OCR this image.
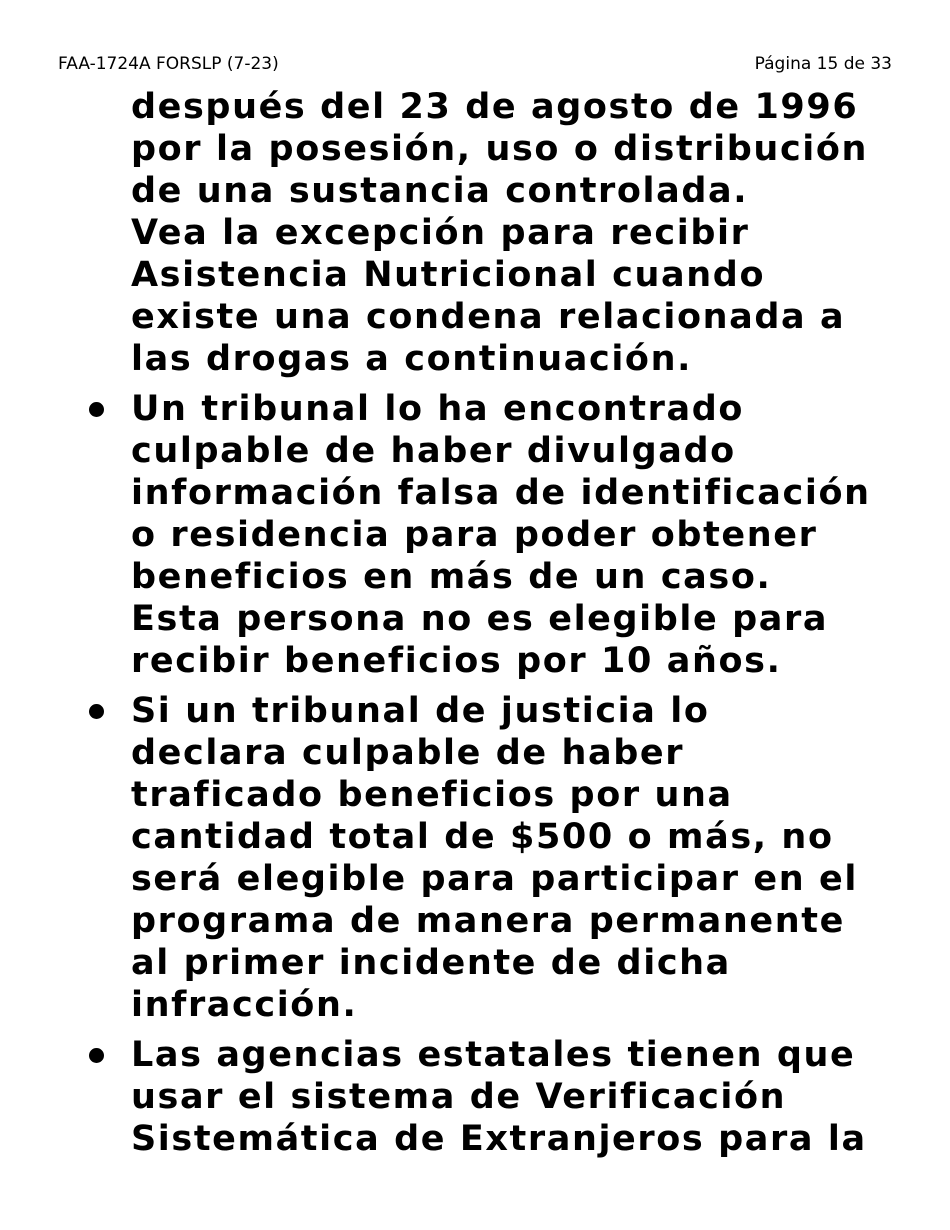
FAA-1724A FORSLP (7-23)	Página 15 de 33
después del 23 de agosto de 1996
por la posesión, uso o distribución
de una sustancia controlada.
Vea la excepción para recibir
Asistencia Nutricional cuando
existe una condena relacionada a
las drogas a continuación.
Un tribunal lo ha encontrado
culpable de haber divulgado
información falsa de identificación
o residencia para poder obtener
beneficios en más de un caso.
Esta persona no es elegible para
recibir beneficios por 10 años.
Si un tribunal de justicia lo
declara culpable de haber
traficado beneficios por una
cantidad total de $500 o más, no
será elegible para participar en el
programa de manera permanente
al primer incidente de dicha
infracción.
Las agencias estatales tienen que
usar el sistema de Verificación
Sistemática de Extranjeros para la
